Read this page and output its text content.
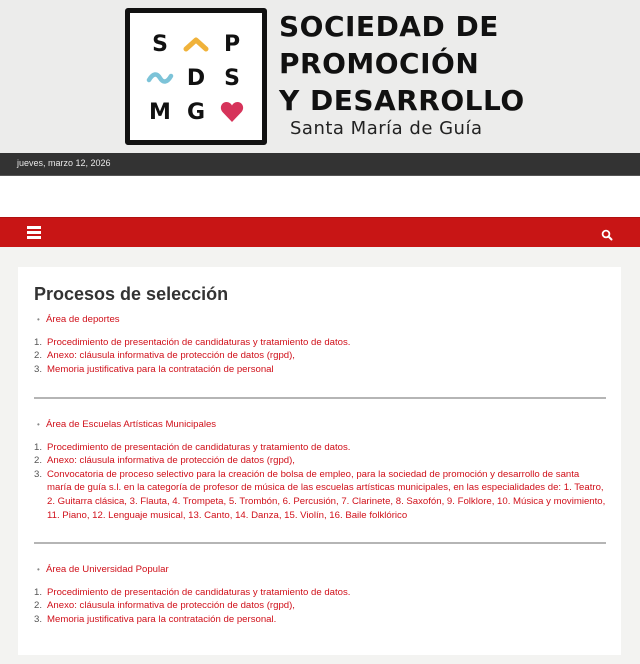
S	P
D S
M G
SOCIEDAD DE
PROMOCIÓN
Y DESARROLLO
Santa María de Guía
jueves, marzo 12, 2026
Procesos de selección
• Área de deportes
1. Procedimiento de presentación de candidaturas y tratamiento de datos.
2. Anexo: cláusula informativa de protección de datos (rgpd),
3. Memoria justificativa para la contratación de personal
• Área de Escuelas Artísticas Municipales
1. Procedimiento de presentación de candidaturas y tratamiento de datos.
2. Anexo: cláusula informativa de protección de datos (rgpd),
3. Convocatoria de proceso selectivo para la creación de bolsa de empleo, para la sociedad de promoción y desarrollo de santa maría de guía s.l. en la categoría de profesor de música de las escuelas artísticas municipales, en las especialidades de: 1. Teatro, 2. Guitarra clásica, 3. Flauta, 4. Trompeta, 5. Trombón, 6. Percusión, 7. Clarinete, 8. Saxofón, 9. Folklore, 10. Música y movimiento, 11. Piano, 12. Lenguaje musical, 13. Canto, 14. Danza, 15. Violín, 16. Baile folklórico
• Área de Universidad Popular
1. Procedimiento de presentación de candidaturas y tratamiento de datos.
2. Anexo: cláusula informativa de protección de datos (rgpd),
3. Memoria justificativa para la contratación de personal.
